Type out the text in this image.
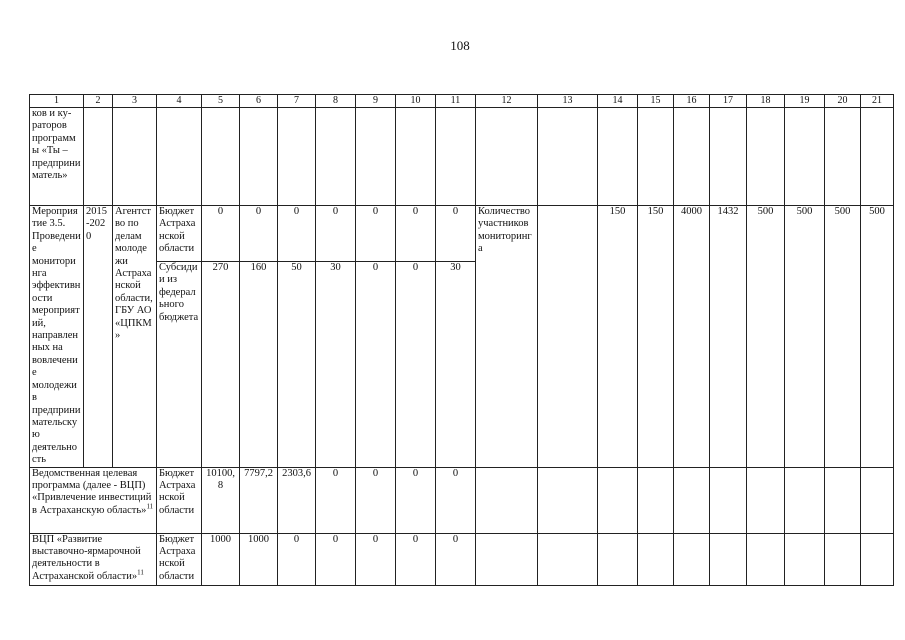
108
1	2	3	4	5	6	7	8	9	10	11	12	13	14	15	16	17	18	19	20	21
ков и ку-раторов программы «Ты – предприниматель»																				
Мероприятие 3.5. Проведение мониторинга эффективности мероприятий, направленных на вовлечение молодежи в предпринимательскую деятельность	2015-2020	Агентство по делам молодежи Астраханской области, ГБУ АО «ЦПКМ»	Бюджет Астраханской области	0	0	0	0	0	0	0	Количество участников мониторинга		150	150	4000	1432	500	500	500	500
			Субсидии из федерального бюджета	270	160	50	30	0	0	30										
Ведомственная целевая программа (далее - ВЦП) «Привлечение инвестиций в Астраханскую область»$^{11}$			Бюджет Астраханской области	10100,8	7797,2	2303,6	0	0	0	0										
ВЦП «Развитие выставочно-ярмарочной деятельности в Астраханской области»$^{11}$			Бюджет Астраханской области	1000	1000	0	0	0	0	0										
